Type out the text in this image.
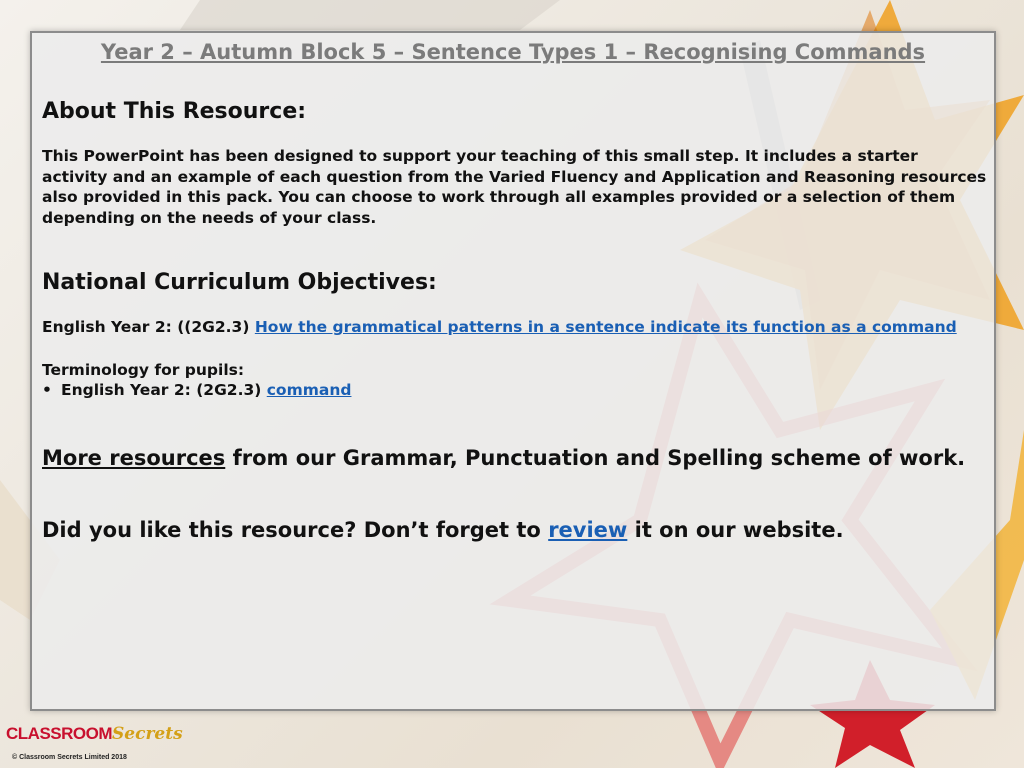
Year 2 – Autumn Block 5 – Sentence Types 1 – Recognising Commands
About This Resource:
This PowerPoint has been designed to support your teaching of this small step. It includes a starter activity and an example of each question from the Varied Fluency and Application and Reasoning resources also provided in this pack. You can choose to work through all examples provided or a selection of them depending on the needs of your class.
National Curriculum Objectives:
English Year 2: ((2G2.3) How the grammatical patterns in a sentence indicate its function as a command
Terminology for pupils:
• English Year 2: (2G2.3) command
More resources from our Grammar, Punctuation and Spelling scheme of work.
Did you like this resource? Don’t forget to review it on our website.
CLASSROOMSecrets
© Classroom Secrets Limited 2018
